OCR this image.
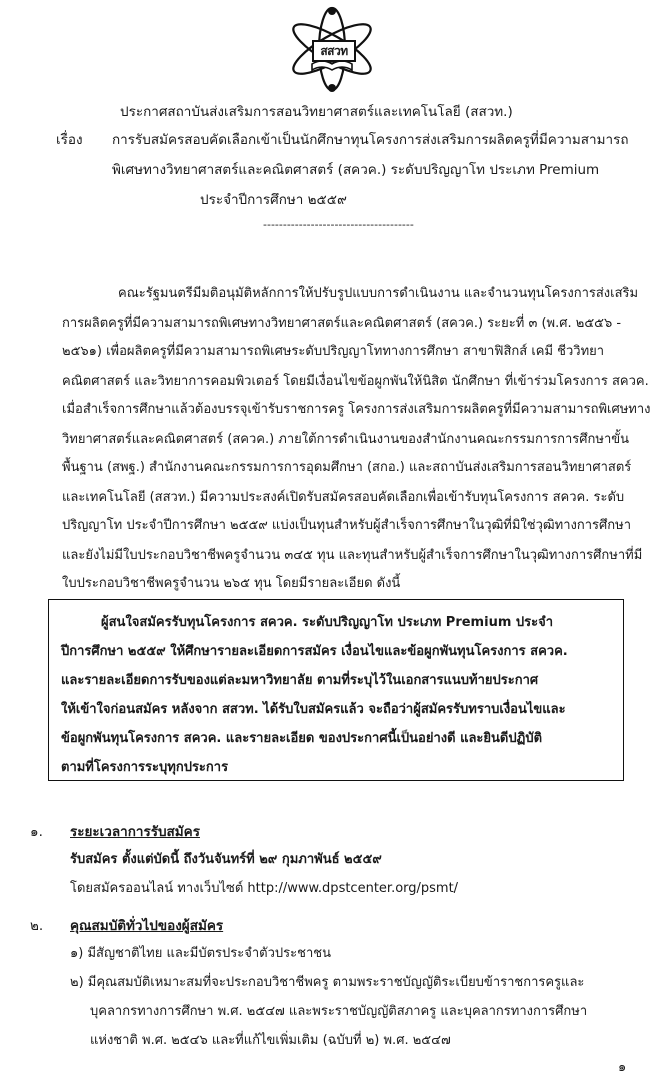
สสวท
ประกาศสถาบันส่งเสริมการสอนวิทยาศาสตร์และเทคโนโลยี (สสวท.)
เรื่อง การรับสมัครสอบคัดเลือกเข้าเป็นนักศึกษาทุนโครงการส่งเสริมการผลิตครูที่มีความสามารถ
พิเศษทางวิทยาศาสตร์และคณิตศาสตร์ (สควค.) ระดับปริญญาโท ประเภท Premium
ประจำปีการศึกษา ๒๕๕๙
--------------------------------------
คณะรัฐมนตรีมีมติอนุมัติหลักการให้ปรับรูปแบบการดำเนินงาน และจำนวนทุนโครงการส่งเสริม
การผลิตครูที่มีความสามารถพิเศษทางวิทยาศาสตร์และคณิตศาสตร์ (สควค.) ระยะที่ ๓ (พ.ศ. ๒๕๕๖ -
๒๕๖๑) เพื่อผลิตครูที่มีความสามารถพิเศษระดับปริญญาโททางการศึกษา สาขาฟิสิกส์ เคมี ชีววิทยา
คณิตศาสตร์ และวิทยาการคอมพิวเตอร์ โดยมีเงื่อนไขข้อผูกพันให้นิสิต นักศึกษา ที่เข้าร่วมโครงการ สควค.
เมื่อสำเร็จการศึกษาแล้วต้องบรรจุเข้ารับราชการครู โครงการส่งเสริมการผลิตครูที่มีความสามารถพิเศษทาง
วิทยาศาสตร์และคณิตศาสตร์ (สควค.) ภายใต้การดำเนินงานของสำนักงานคณะกรรมการการศึกษาขั้น
พื้นฐาน (สพฐ.) สำนักงานคณะกรรมการการอุดมศึกษา (สกอ.) และสถาบันส่งเสริมการสอนวิทยาศาสตร์
และเทคโนโลยี (สสวท.) มีความประสงค์เปิดรับสมัครสอบคัดเลือกเพื่อเข้ารับทุนโครงการ สควค. ระดับ
ปริญญาโท ประจำปีการศึกษา ๒๕๕๙ แบ่งเป็นทุนสำหรับผู้สำเร็จการศึกษาในวุฒิที่มิใช่วุฒิทางการศึกษา
และยังไม่มีใบประกอบวิชาชีพครูจำนวน ๓๔๕ ทุน และทุนสำหรับผู้สำเร็จการศึกษาในวุฒิทางการศึกษาที่มี
ใบประกอบวิชาชีพครูจำนวน ๒๖๕ ทุน โดยมีรายละเอียด ดังนี้
ผู้สนใจสมัครรับทุนโครงการ สควค. ระดับปริญญาโท ประเภท Premium ประจำ
ปีการศึกษา ๒๕๕๙ ให้ศึกษารายละเอียดการสมัคร เงื่อนไขและข้อผูกพันทุนโครงการ สควค.
และรายละเอียดการรับของแต่ละมหาวิทยาลัย ตามที่ระบุไว้ในเอกสารแนบท้ายประกาศ
ให้เข้าใจก่อนสมัคร หลังจาก สสวท. ได้รับใบสมัครแล้ว จะถือว่าผู้สมัครรับทราบเงื่อนไขและ
ข้อผูกพันทุนโครงการ สควค. และรายละเอียด ของประกาศนี้เป็นอย่างดี และยินดีปฏิบัติ
ตามที่โครงการระบุทุกประการ
๑. ระยะเวลาการรับสมัคร
รับสมัคร ตั้งแต่บัดนี้ ถึงวันจันทร์ที่ ๒๙ กุมภาพันธ์ ๒๕๕๙
โดยสมัครออนไลน์ ทางเว็บไซต์ http://www.dpstcenter.org/psmt/
๒. คุณสมบัติทั่วไปของผู้สมัคร
๑) มีสัญชาติไทย และมีบัตรประจำตัวประชาชน
๒) มีคุณสมบัติเหมาะสมที่จะประกอบวิชาชีพครู ตามพระราชบัญญัติระเบียบข้าราชการครูและ
บุคลากรทางการศึกษา พ.ศ. ๒๕๔๗ และพระราชบัญญัติสภาครู และบุคลากรทางการศึกษา
แห่งชาติ พ.ศ. ๒๕๔๖ และที่แก้ไขเพิ่มเติม (ฉบับที่ ๒) พ.ศ. ๒๕๔๗
๑
